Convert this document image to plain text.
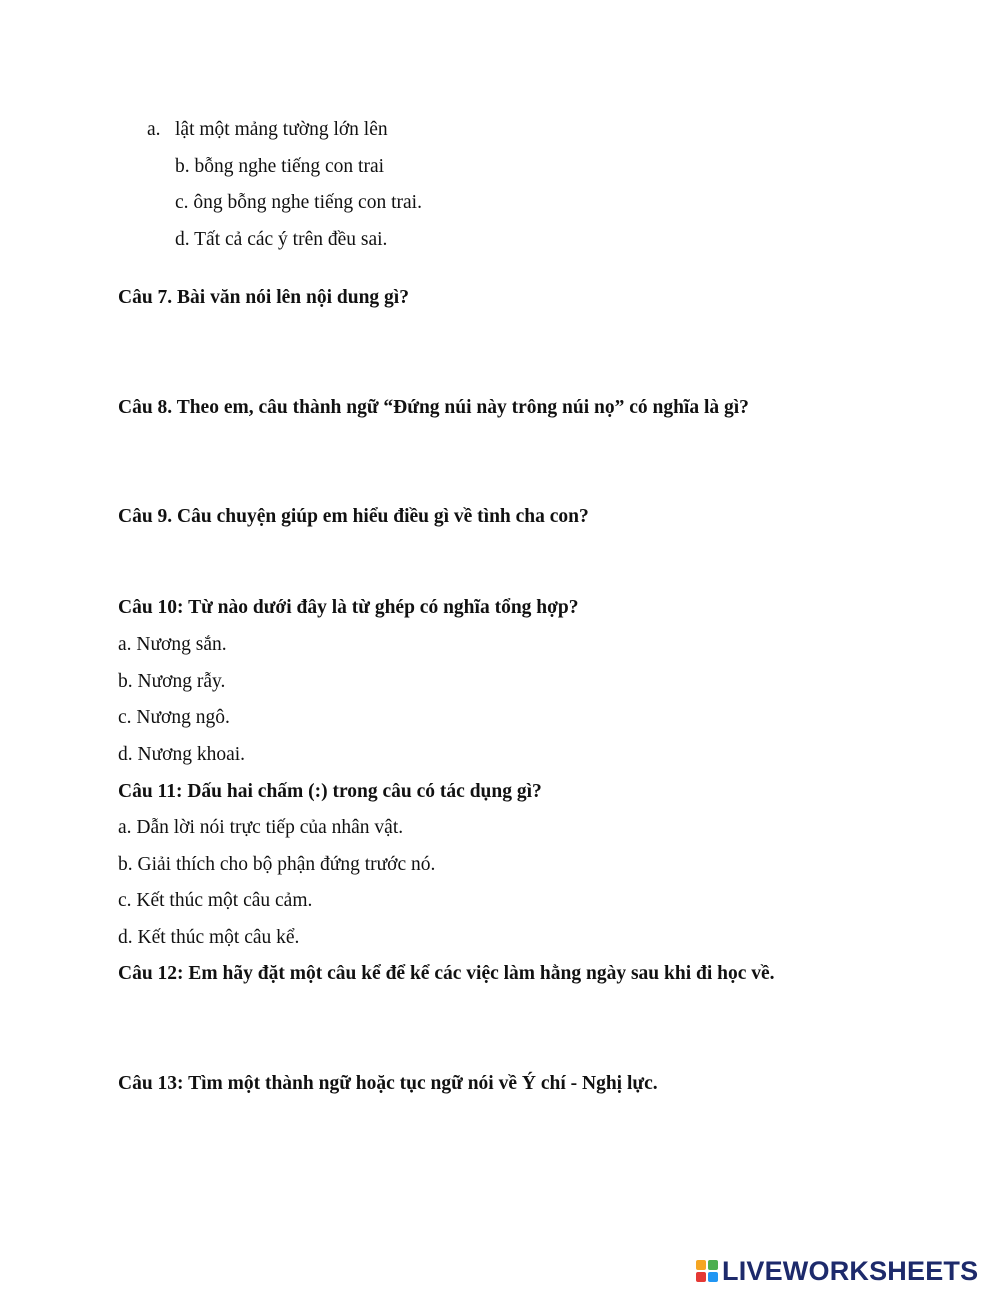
a. lật một mảng tường lớn lên
b. bỗng nghe tiếng con trai
c. ông bỗng nghe tiếng con trai.
d. Tất cả các ý trên đều sai.
Câu 7. Bài văn nói lên nội dung gì?
Câu 8. Theo em, câu thành ngữ “Đứng núi này trông núi nọ” có nghĩa là gì?
Câu 9. Câu chuyện giúp em hiểu điều gì về tình cha con?
Câu 10: Từ nào dưới đây là từ ghép có nghĩa tổng hợp?
a. Nương sắn.
b. Nương rẫy.
c. Nương ngô.
d. Nương khoai.
Câu 11: Dấu hai chấm (:) trong câu có tác dụng gì?
a. Dẫn lời nói trực tiếp của nhân vật.
b. Giải thích cho bộ phận đứng trước nó.
c. Kết thúc một câu cảm.
d. Kết thúc một câu kể.
Câu 12: Em hãy đặt một câu kể để kể các việc làm hằng ngày sau khi đi học về.
Câu 13: Tìm một thành ngữ hoặc tục ngữ nói về Ý chí - Nghị lực.
LIVEWORKSHEETS
